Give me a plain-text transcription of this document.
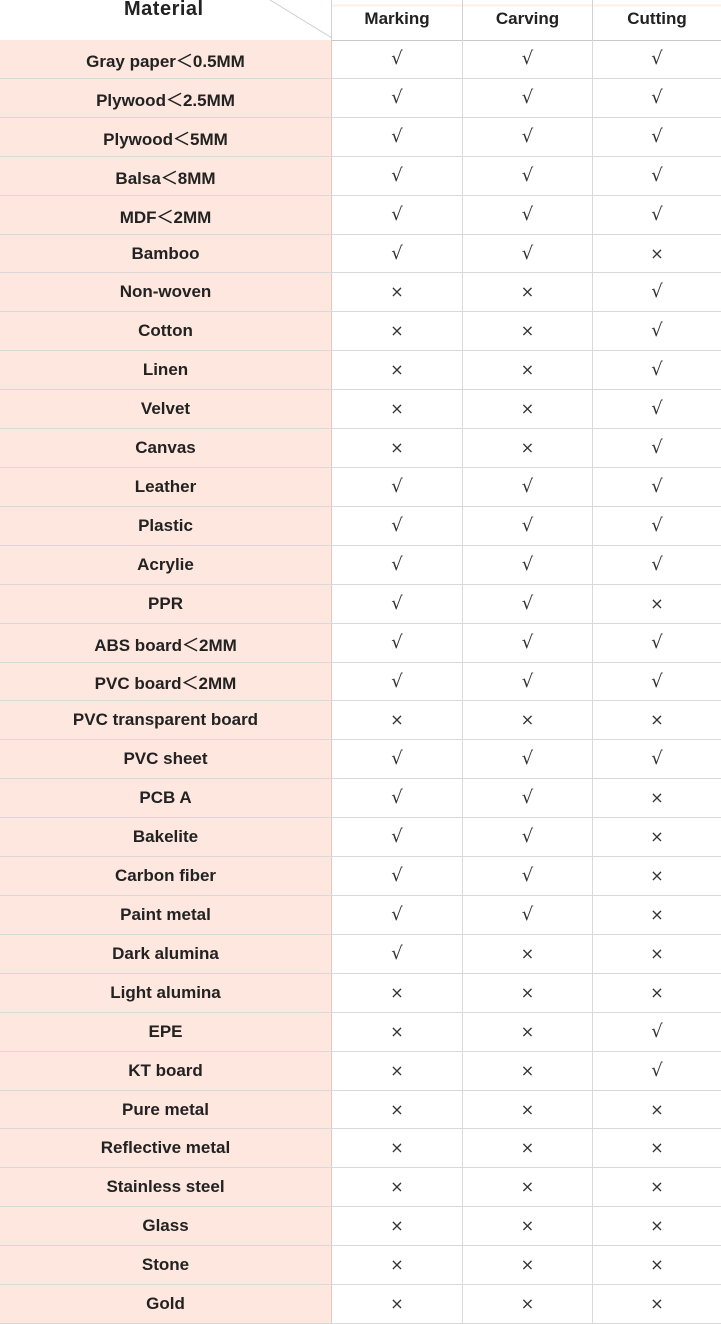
Material	Marking	Carving	Cutting
Gray paper＜0.5MM	√	√	√
Plywood＜2.5MM	√	√	√
Plywood＜5MM	√	√	√
Balsa＜8MM	√	√	√
MDF＜2MM	√	√	√
Bamboo	√	√	×
Non-woven	×	×	√
Cotton	×	×	√
Linen	×	×	√
Velvet	×	×	√
Canvas	×	×	√
Leather	√	√	√
Plastic	√	√	√
Acrylie	√	√	√
PPR	√	√	×
ABS board＜2MM	√	√	√
PVC board＜2MM	√	√	√
PVC transparent board	×	×	×
PVC sheet	√	√	√
PCB A	√	√	×
Bakelite	√	√	×
Carbon fiber	√	√	×
Paint metal	√	√	×
Dark alumina	√	×	×
Light alumina	×	×	×
EPE	×	×	√
KT board	×	×	√
Pure metal	×	×	×
Reflective metal	×	×	×
Stainless steel	×	×	×
Glass	×	×	×
Stone	×	×	×
Gold	×	×	×
